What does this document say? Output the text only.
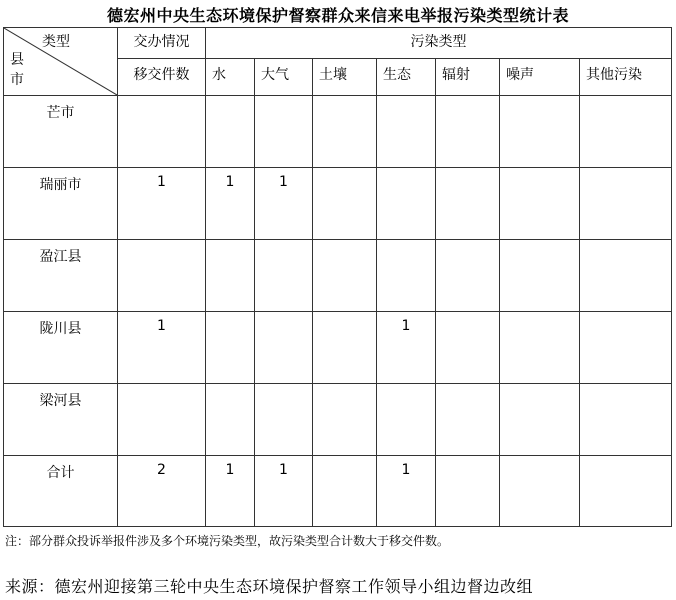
德宏州中央生态环境保护督察群众来信来电举报污染类型统计表
类型
县市	交办情况	污染类型						
	移交件数	水	大气	土壤	生态	辐射	噪声	其他污染
芒市								
瑞丽市	1	1	1					
盈江县								
陇川县	1				1			
梁河县								
合计	2	1	1		1			
注：部分群众投诉举报件涉及多个环境污染类型，故污染类型合计数大于移交件数。
来源：德宏州迎接第三轮中央生态环境保护督察工作领导小组边督边改组
